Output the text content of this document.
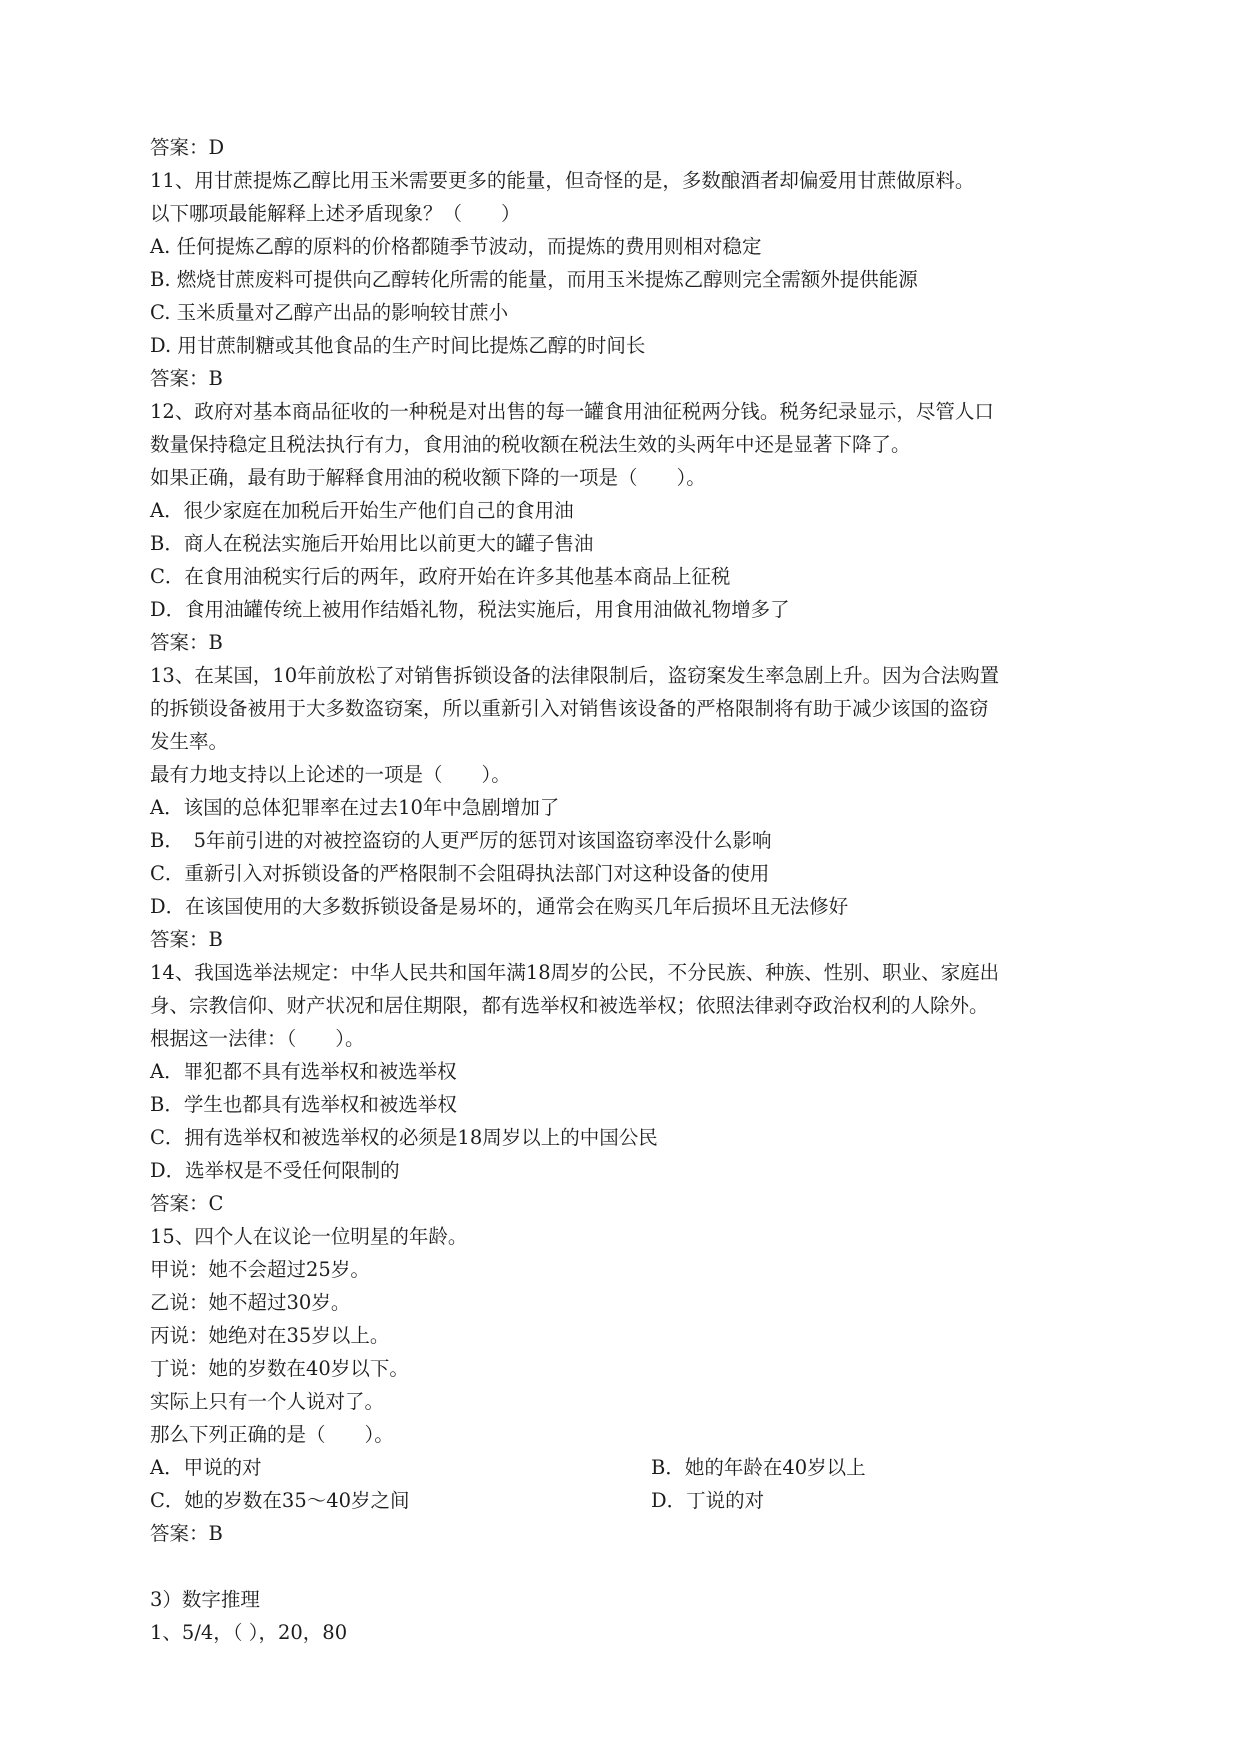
答案：D
11、用甘蔗提炼乙醇比用玉米需要更多的能量，但奇怪的是，多数酿酒者却偏爱用甘蔗做原料。
以下哪项最能解释上述矛盾现象？（　　）
A. 任何提炼乙醇的原料的价格都随季节波动，而提炼的费用则相对稳定
B. 燃烧甘蔗废料可提供向乙醇转化所需的能量，而用玉米提炼乙醇则完全需额外提供能源
C. 玉米质量对乙醇产出品的影响较甘蔗小
D. 用甘蔗制糖或其他食品的生产时间比提炼乙醇的时间长
答案：B
12、政府对基本商品征收的一种税是对出售的每一罐食用油征税两分钱。税务纪录显示，尽管人口
数量保持稳定且税法执行有力，食用油的税收额在税法生效的头两年中还是显著下降了。
如果正确，最有助于解释食用油的税收额下降的一项是（　　）。
A．很少家庭在加税后开始生产他们自己的食用油
B．商人在税法实施后开始用比以前更大的罐子售油
C．在食用油税实行后的两年，政府开始在许多其他基本商品上征税
D．食用油罐传统上被用作结婚礼物，税法实施后，用食用油做礼物增多了
答案：B
13、在某国，10年前放松了对销售拆锁设备的法律限制后，盗窃案发生率急剧上升。因为合法购置
的拆锁设备被用于大多数盗窃案，所以重新引入对销售该设备的严格限制将有助于减少该国的盗窃
发生率。
最有力地支持以上论述的一项是（　　）。
A．该国的总体犯罪率在过去10年中急剧增加了
B．　5年前引进的对被控盗窃的人更严厉的惩罚对该国盗窃率没什么影响
C．重新引入对拆锁设备的严格限制不会阻碍执法部门对这种设备的使用
D．在该国使用的大多数拆锁设备是易坏的，通常会在购买几年后损坏且无法修好
答案：B
14、我国选举法规定：中华人民共和国年满18周岁的公民，不分民族、种族、性别、职业、家庭出
身、宗教信仰、财产状况和居住期限，都有选举权和被选举权；依照法律剥夺政治权利的人除外。
根据这一法律：（　　）。
A．罪犯都不具有选举权和被选举权
B．学生也都具有选举权和被选举权
C．拥有选举权和被选举权的必须是18周岁以上的中国公民
D．选举权是不受任何限制的
答案：C
15、四个人在议论一位明星的年龄。
甲说：她不会超过25岁。
乙说：她不超过30岁。
丙说：她绝对在35岁以上。
丁说：她的岁数在40岁以下。
实际上只有一个人说对了。
那么下列正确的是（　　）。
A．甲说的对	B．她的年龄在40岁以上
C．她的岁数在35～40岁之间	D．丁说的对
答案：B
3）数字推理
1、5/4，（ ），20，80
